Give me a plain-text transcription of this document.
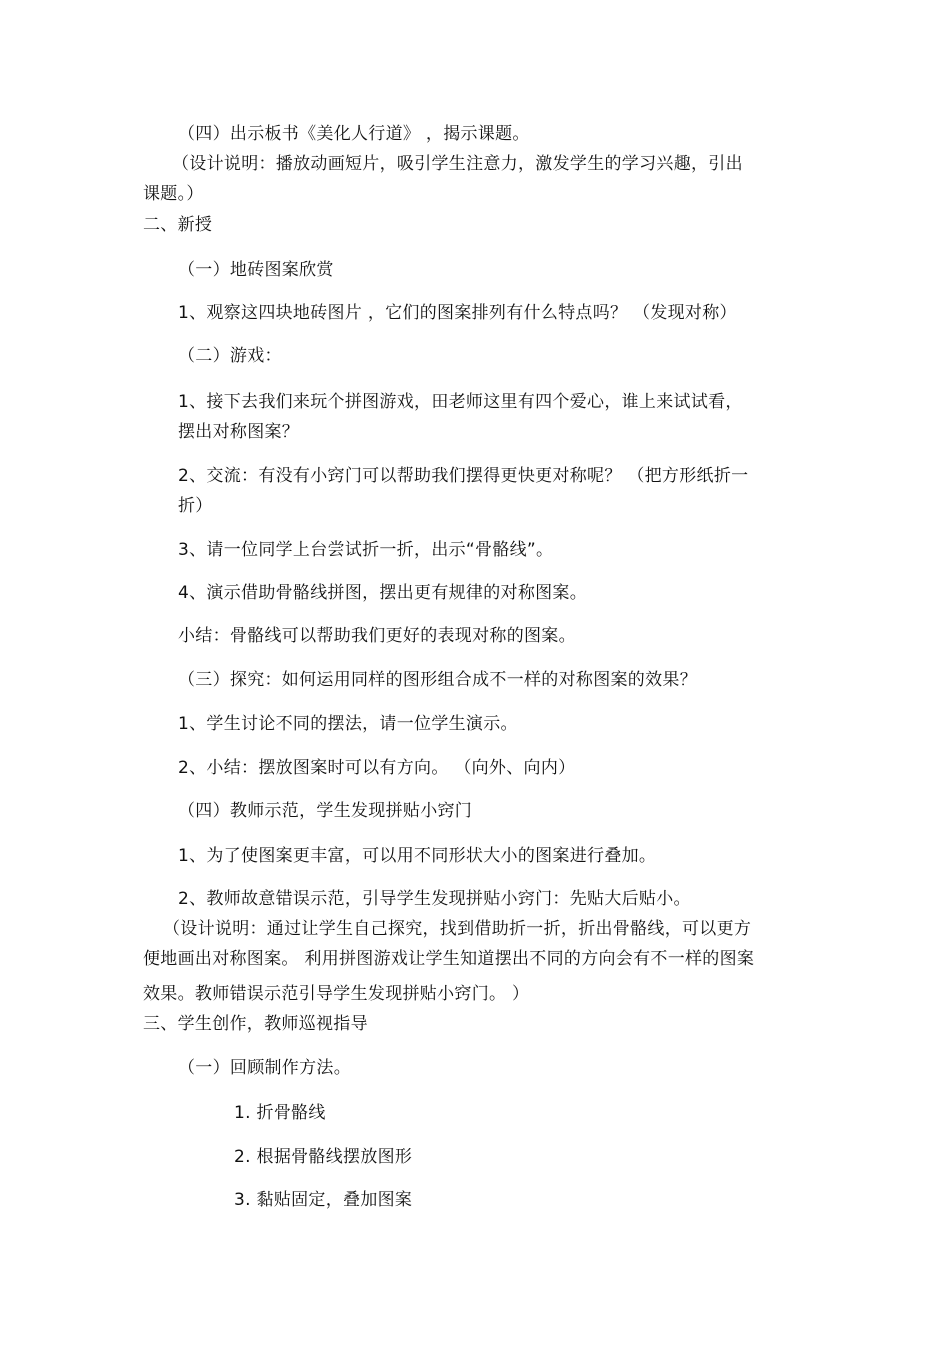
（四）出示板书《美化人行道》 ，揭示课题。
（设计说明：播放动画短片，吸引学生注意力，激发学生的学习兴趣，引出
课题。）
二、新授
（一）地砖图案欣赏
1、观察这四块地砖图片 ，它们的图案排列有什么特点吗？ （发现对称）
（二）游戏：
1、接下去我们来玩个拼图游戏，田老师这里有四个爱心，谁上来试试看，
摆出对称图案？
2、交流：有没有小窍门可以帮助我们摆得更快更对称呢？ （把方形纸折一
折）
3、请一位同学上台尝试折一折，出示“骨骼线”。
4、演示借助骨骼线拼图，摆出更有规律的对称图案。
小结：骨骼线可以帮助我们更好的表现对称的图案。
（三）探究：如何运用同样的图形组合成不一样的对称图案的效果？
1、学生讨论不同的摆法，请一位学生演示。
2、小结：摆放图案时可以有方向。 （向外、向内）
（四）教师示范，学生发现拼贴小窍门
1、为了使图案更丰富，可以用不同形状大小的图案进行叠加。
2、教师故意错误示范，引导学生发现拼贴小窍门：先贴大后贴小。
（设计说明：通过让学生自己探究，找到借助折一折，折出骨骼线，可以更方
便地画出对称图案。 利用拼图游戏让学生知道摆出不同的方向会有不一样的图案
效果。教师错误示范引导学生发现拼贴小窍门。 ）
三、学生创作，教师巡视指导
（一）回顾制作方法。
1. 折骨骼线
2. 根据骨骼线摆放图形
3. 黏贴固定，叠加图案
